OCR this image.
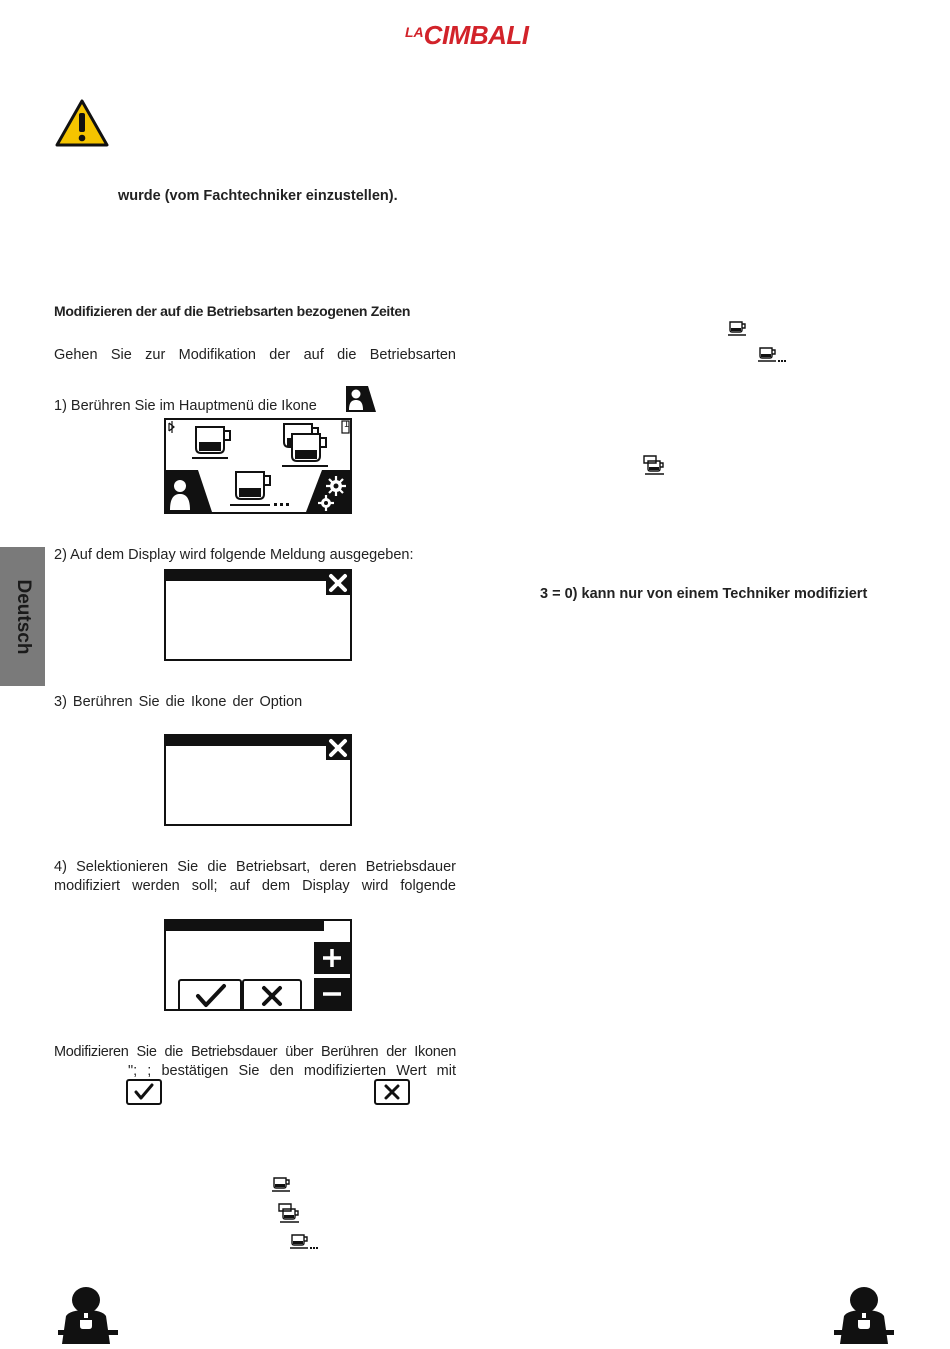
LACIMBALI
wurde (vom Fachtechniker einzustellen).
Modifizieren der auf die Betriebsarten bezogenen Zeiten
Gehen Sie zur Modifikation der auf die Betriebsarten
1) Berühren Sie im Hauptmenü die Ikone
1
2) Auf dem Display wird folgende Meldung ausgegeben:
Deutsch
3) Berühren Sie die Ikone der Option
4) Selektionieren Sie die Betriebsart, deren Betriebsdauer
modifiziert werden soll; auf dem Display wird folgende
Modifizieren Sie die Betriebsdauer über Berühren der Ikonen
"; ; bestätigen Sie den modifizierten Wert mit
3 = 0) kann nur von einem Techniker modifiziert
